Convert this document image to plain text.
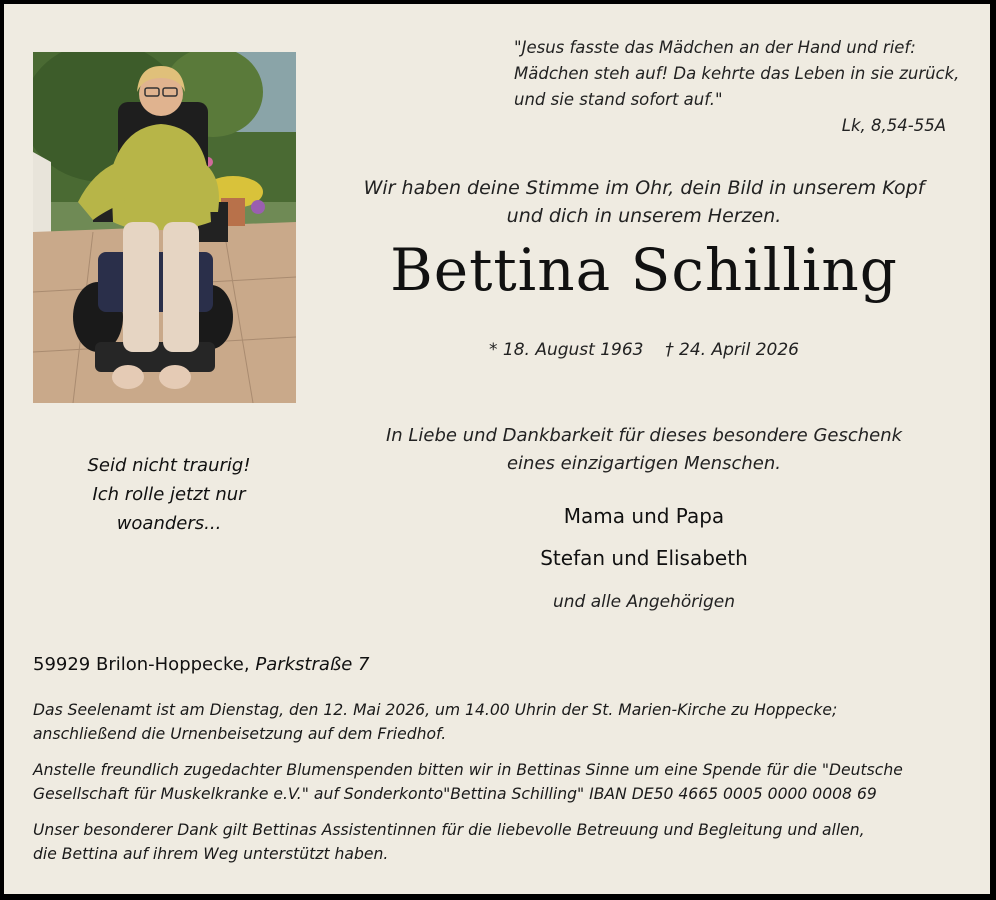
"Jesus fasste das Mädchen an der Hand und rief:
Mädchen steh auf! Da kehrte das Leben in sie zurück,
und sie stand sofort auf."
Lk, 8,54-55A
Wir haben deine Stimme im Ohr, dein Bild in unserem Kopf
und dich in unserem Herzen.
Bettina Schilling
* 18. August 1963 † 24. April 2026
In Liebe und Dankbarkeit für dieses besondere Geschenk
eines einzigartigen Menschen.
Mama und Papa
Stefan und Elisabeth
und alle Angehörigen
Seid nicht traurig!
Ich rolle jetzt nur
woanders...
59929 Brilon-Hoppecke, Parkstraße 7
Das Seelenamt ist am Dienstag, den 12. Mai 2026, um 14.00 Uhrin der St. Marien-Kirche zu Hoppecke;
anschließend die Urnenbeisetzung auf dem Friedhof.
Anstelle freundlich zugedachter Blumenspenden bitten wir in Bettinas Sinne um eine Spende für die "Deutsche
Gesellschaft für Muskelkranke e.V." auf Sonderkonto"Bettina Schilling" IBAN DE50 4665 0005 0000 0008 69
Unser besonderer Dank gilt Bettinas Assistentinnen für die liebevolle Betreuung und Begleitung und allen,
die Bettina auf ihrem Weg unterstützt haben.
